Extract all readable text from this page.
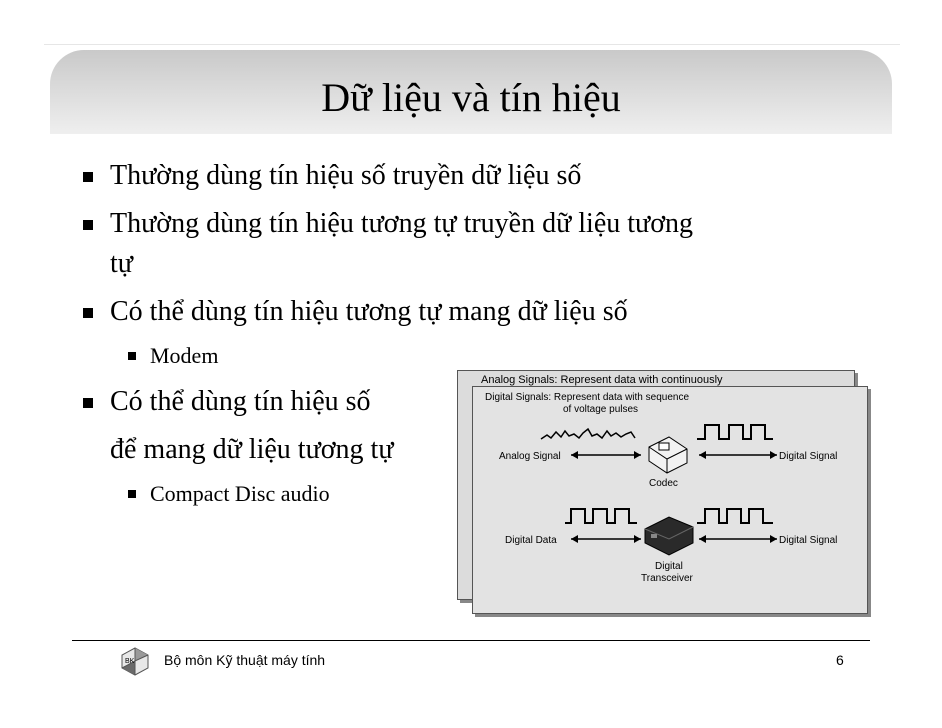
Dữ liệu và tín hiệu
Thường dùng tín hiệu số truyền dữ liệu số
Thường dùng tín hiệu tương tự truyền dữ liệu tương
tự
Có thể dùng tín hiệu tương tự mang dữ liệu số
Modem
Có thể dùng tín hiệu số
để mang dữ liệu tương tự
Compact Disc audio
Analog Signals: Represent data with continuously
Digital Signals: Represent data with sequence
of voltage pulses
Analog Signal	Digital Signal
Codec
Digital Data	Digital Signal
Digital
Transceiver
BK Bộ môn Kỹ thuật máy tính	6
